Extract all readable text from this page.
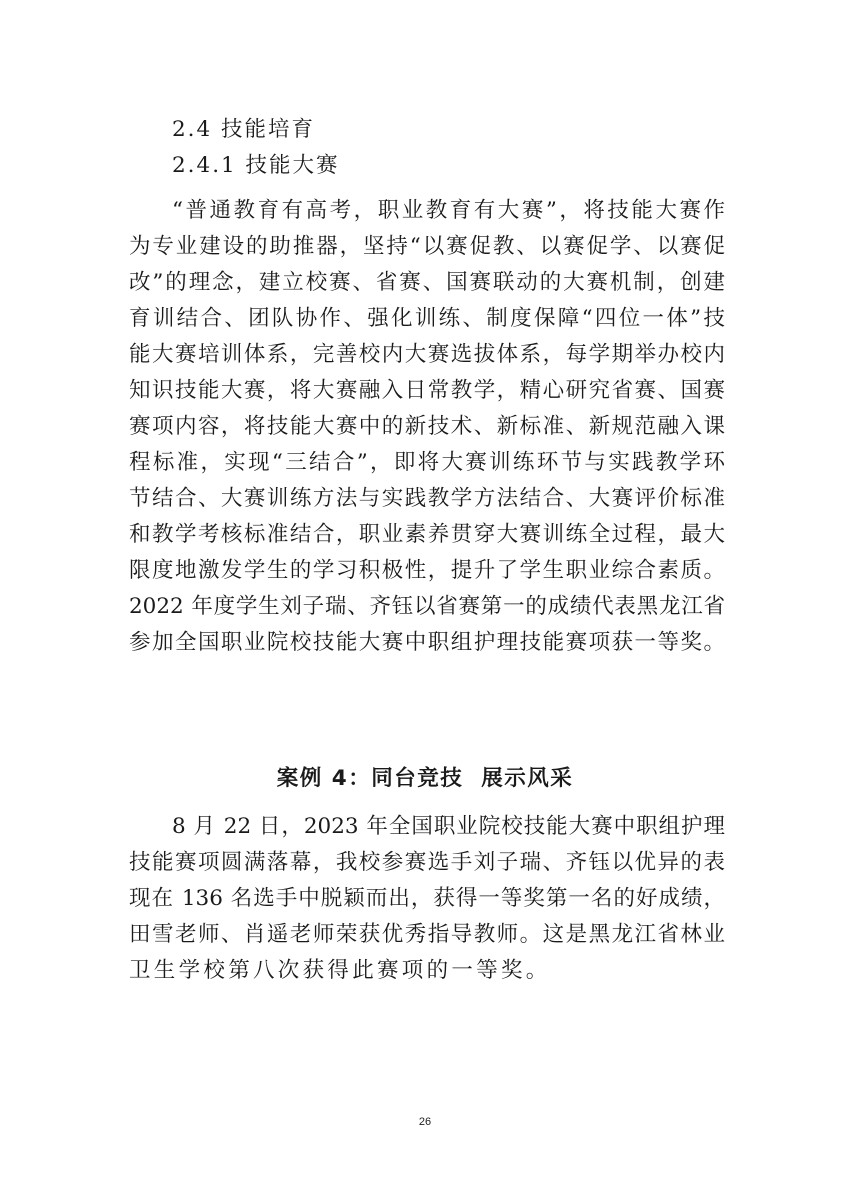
2.4 技能培育
2.4.1 技能大赛
“普通教育有高考，职业教育有大赛”，将技能大赛作
为专业建设的助推器，坚持“以赛促教、以赛促学、以赛促
改”的理念，建立校赛、省赛、国赛联动的大赛机制，创建
育训结合、团队协作、强化训练、制度保障“四位一体”技
能大赛培训体系，完善校内大赛选拔体系，每学期举办校内
知识技能大赛，将大赛融入日常教学，精心研究省赛、国赛
赛项内容，将技能大赛中的新技术、新标准、新规范融入课
程标准，实现“三结合”，即将大赛训练环节与实践教学环
节结合、大赛训练方法与实践教学方法结合、大赛评价标准
和教学考核标准结合，职业素养贯穿大赛训练全过程，最大
限度地激发学生的学习积极性，提升了学生职业综合素质。
2022 年度学生刘子瑞、齐钰以省赛第一的成绩代表黑龙江省
参加全国职业院校技能大赛中职组护理技能赛项获一等奖。
案例 4：同台竞技  展示风采
8 月 22 日，2023 年全国职业院校技能大赛中职组护理
技能赛项圆满落幕，我校参赛选手刘子瑞、齐钰以优异的表
现在 136 名选手中脱颖而出，获得一等奖第一名的好成绩，
田雪老师、肖遥老师荣获优秀指导教师。这是黑龙江省林业
卫生学校第八次获得此赛项的一等奖。
26
